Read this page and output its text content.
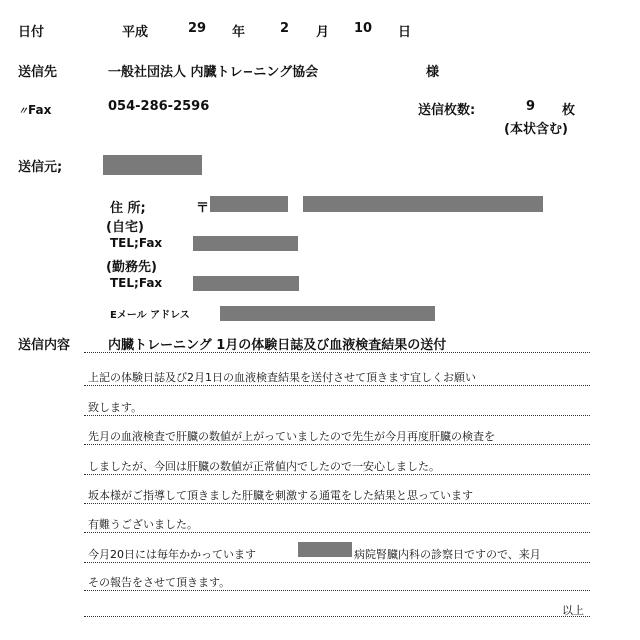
日付	平成	29 年	2 月 10 日
送信先	一般社団法人 内臓トレ−ニング協会	様
〃Fax	054-286-2596	送信枚数:	9 枚
(本状含む)
送信元;
住 所;	〒
(自宅)
TEL;Fax
(勤務先)
TEL;Fax
Eメール アドレス
送信内容	内臓トレーニング 1月の体験日誌及び血液検査結果の送付
上記の体験日誌及び2月1日の血液検査結果を送付させて頂きます宜しくお願い
致します。
先月の血液検査で肝臓の数値が上がっていましたので先生が今月再度肝臓の検査を
しましたが、今回は肝臓の数値が正常値内でしたので一安心しました。
坂本様がご指導して頂きました肝臓を刺激する通電をした結果と思っています
有難うございました。
今月20日には毎年かかっています	病院腎臓内科の診察日ですので、来月
その報告をさせて頂きます。
以上
